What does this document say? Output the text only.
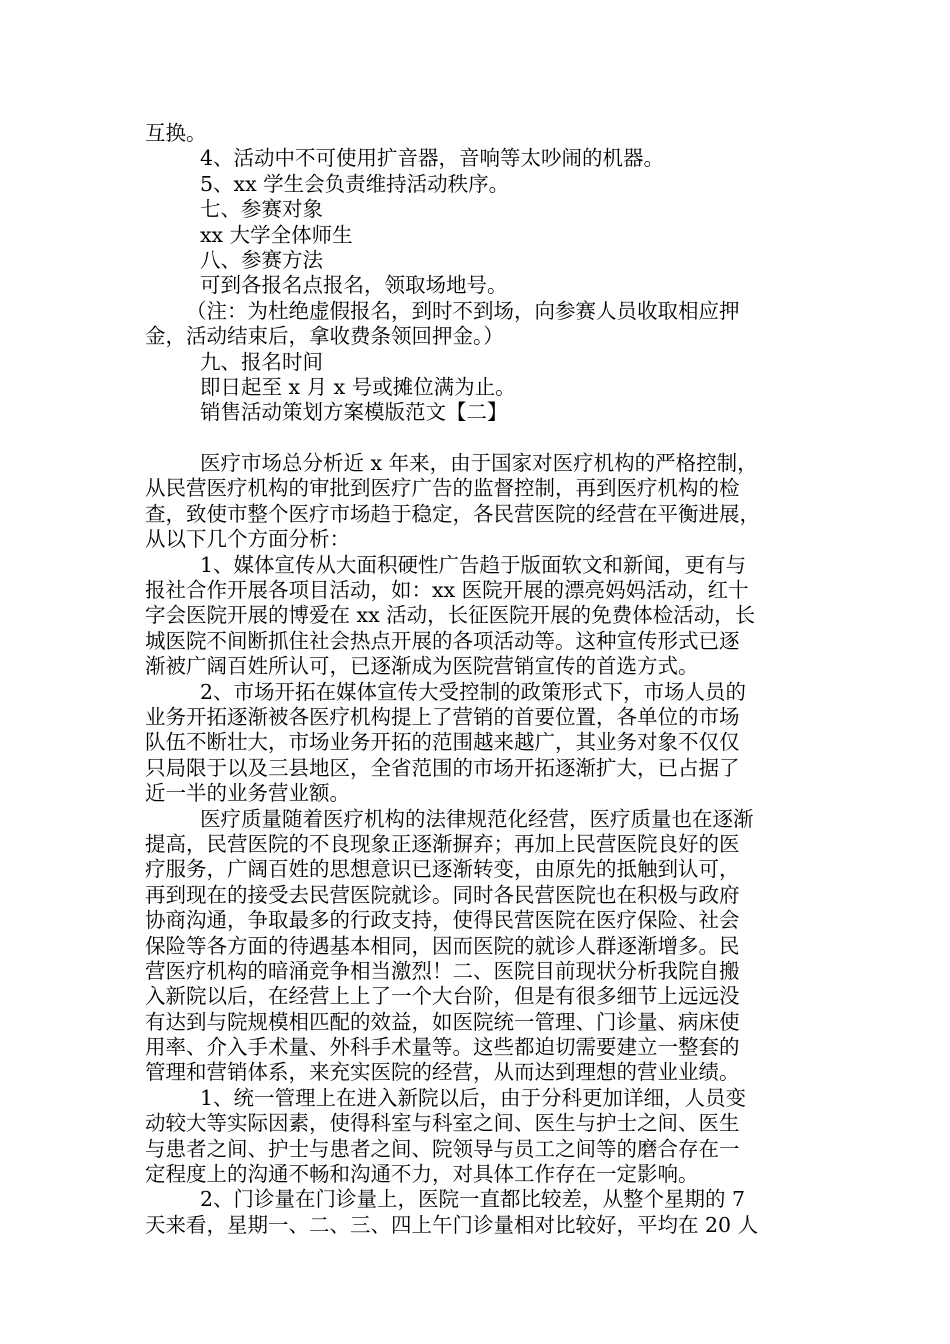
互换。
4、活动中不可使用扩音器，音响等太吵闹的机器。
5、xx 学生会负责维持活动秩序。
七、参赛对象
xx 大学全体师生
八、参赛方法
可到各报名点报名，领取场地号。
（注：为杜绝虚假报名，到时不到场，向参赛人员收取相应押
金，活动结束后，拿收费条领回押金。）
九、报名时间
即日起至 x 月 x 号或摊位满为止。
销售活动策划方案模版范文【二】
医疗市场总分析近 x 年来，由于国家对医疗机构的严格控制，
从民营医疗机构的审批到医疗广告的监督控制，再到医疗机构的检
查，致使市整个医疗市场趋于稳定，各民营医院的经营在平衡进展，
从以下几个方面分析：
1、媒体宣传从大面积硬性广告趋于版面软文和新闻，更有与
报社合作开展各项目活动，如：xx 医院开展的漂亮妈妈活动，红十
字会医院开展的博爱在 xx 活动，长征医院开展的免费体检活动，长
城医院不间断抓住社会热点开展的各项活动等。这种宣传形式已逐
渐被广阔百姓所认可，已逐渐成为医院营销宣传的首选方式。
2、市场开拓在媒体宣传大受控制的政策形式下，市场人员的
业务开拓逐渐被各医疗机构提上了营销的首要位置，各单位的市场
队伍不断壮大，市场业务开拓的范围越来越广，其业务对象不仅仅
只局限于以及三县地区，全省范围的市场开拓逐渐扩大，已占据了
近一半的业务营业额。
医疗质量随着医疗机构的法律规范化经营，医疗质量也在逐渐
提高，民营医院的不良现象正逐渐摒弃；再加上民营医院良好的医
疗服务，广阔百姓的思想意识已逐渐转变，由原先的抵触到认可，
再到现在的接受去民营医院就诊。同时各民营医院也在积极与政府
协商沟通，争取最多的行政支持，使得民营医院在医疗保险、社会
保险等各方面的待遇基本相同，因而医院的就诊人群逐渐增多。民
营医疗机构的暗涌竞争相当激烈！二、医院目前现状分析我院自搬
入新院以后，在经营上上了一个大台阶，但是有很多细节上远远没
有达到与院规模相匹配的效益，如医院统一管理、门诊量、病床使
用率、介入手术量、外科手术量等。这些都迫切需要建立一整套的
管理和营销体系，来充实医院的经营，从而达到理想的营业业绩。
1、统一管理上在进入新院以后，由于分科更加详细，人员变
动较大等实际因素，使得科室与科室之间、医生与护士之间、医生
与患者之间、护士与患者之间、院领导与员工之间等的磨合存在一
定程度上的沟通不畅和沟通不力，对具体工作存在一定影响。
2、门诊量在门诊量上，医院一直都比较差，从整个星期的 7
天来看，星期一、二、三、四上午门诊量相对比较好，平均在 20 人
